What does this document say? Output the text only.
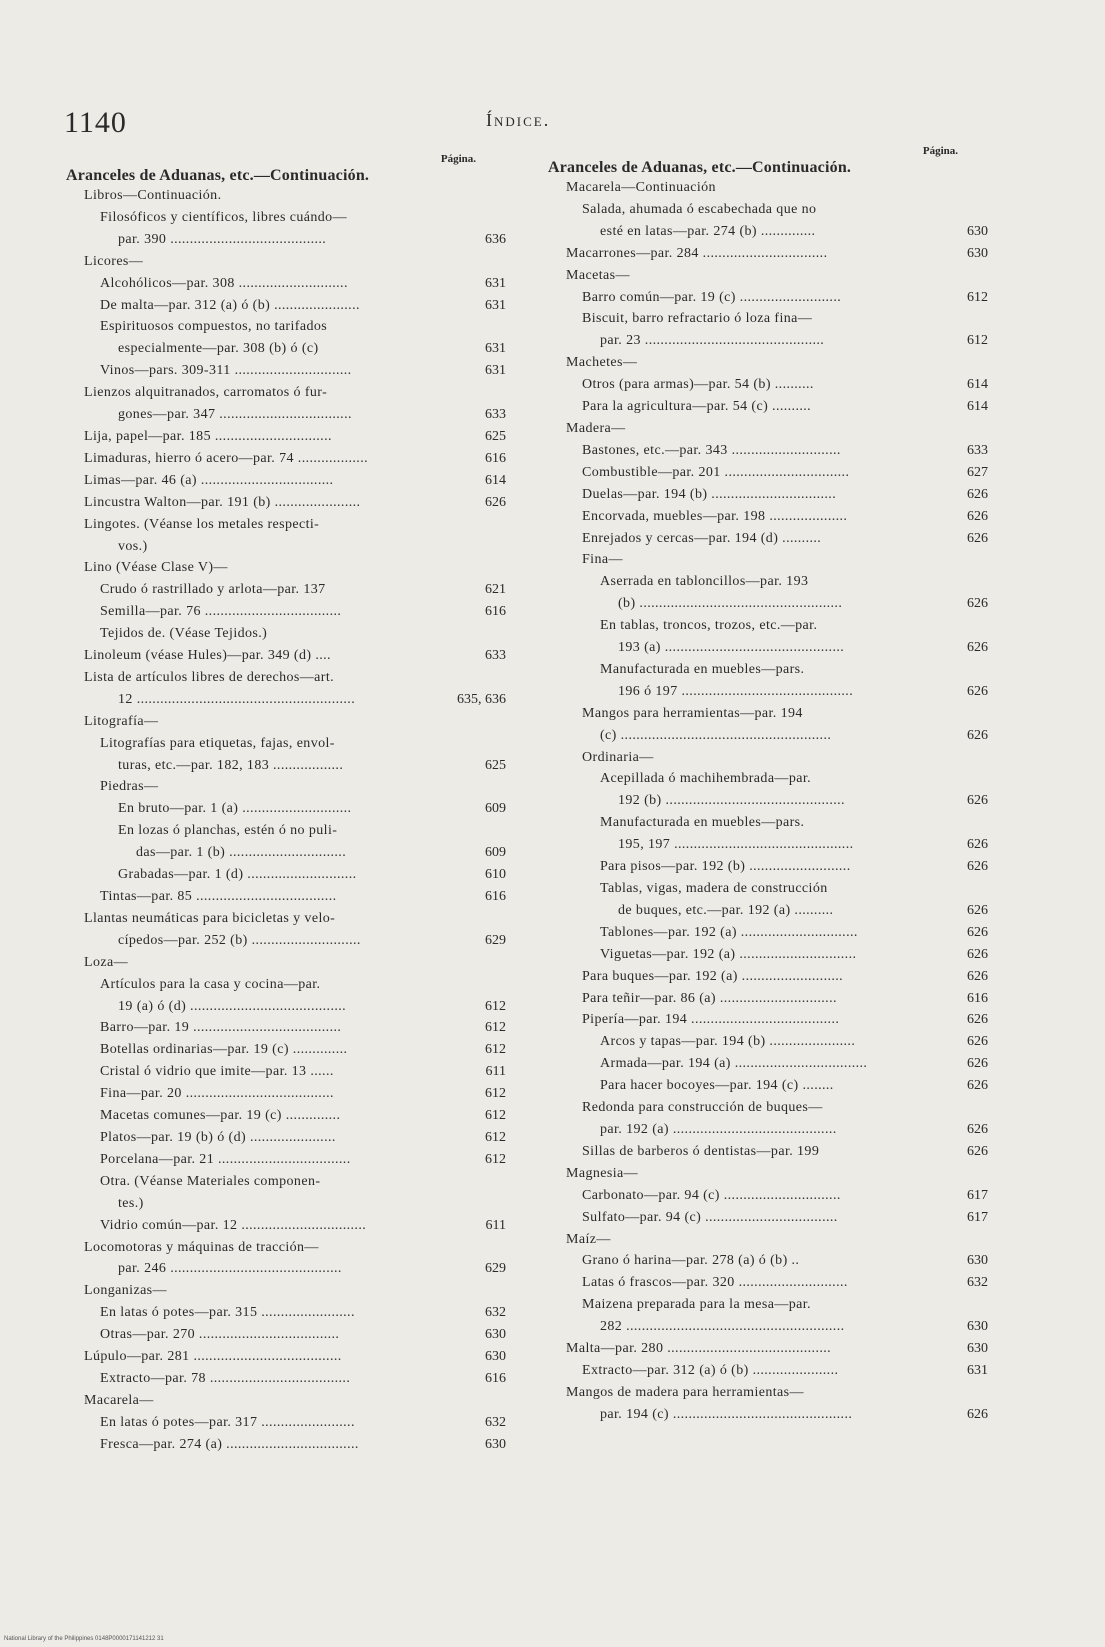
1140	Índice.
Página.
Aranceles de Aduanas, etc.—Continuación.
Libros—Continuación.
Filosóficos y científicos, libres cuándo—
par. 390 ........................................	636
Licores—
Alcohólicos—par. 308 ............................	631
De malta—par. 312 (a) ó (b) ......................	631
Espirituosos compuestos, no tarifados
especialmente—par. 308 (b) ó (c)	631
Vinos—pars. 309-311 ..............................	631
Lienzos alquitranados, carromatos ó fur-
gones—par. 347 ..................................	633
Lija, papel—par. 185 ..............................	625
Limaduras, hierro ó acero—par. 74 ..................	616
Limas—par. 46 (a) ..................................	614
Lincustra Walton—par. 191 (b) ......................	626
Lingotes. (Véanse los metales respecti-
vos.)
Lino (Véase Clase V)—
Crudo ó rastrillado y arlota—par. 137	621
Semilla—par. 76 ...................................	616
Tejidos de. (Véase Tejidos.)
Linoleum (véase Hules)—par. 349 (d) ....	633
Lista de artículos libres de derechos—art.
12 ........................................................	635, 636
Litografía—
Litografías para etiquetas, fajas, envol-
turas, etc.—par. 182, 183 ..................	625
Piedras—
En bruto—par. 1 (a) ............................	609
En lozas ó planchas, estén ó no puli-
das—par. 1 (b) ..............................	609
Grabadas—par. 1 (d) ............................	610
Tintas—par. 85 ....................................	616
Llantas neumáticas para bicicletas y velo-
cípedos—par. 252 (b) ............................	629
Loza—
Artículos para la casa y cocina—par.
19 (a) ó (d) ........................................	612
Barro—par. 19 ......................................	612
Botellas ordinarias—par. 19 (c) ..............	612
Cristal ó vidrio que imite—par. 13 ......	611
Fina—par. 20 ......................................	612
Macetas comunes—par. 19 (c) ..............	612
Platos—par. 19 (b) ó (d) ......................	612
Porcelana—par. 21 ..................................	612
Otra. (Véanse Materiales componen-
tes.)
Vidrio común—par. 12 ................................	611
Locomotoras y máquinas de tracción—
par. 246 ............................................	629
Longanizas—
En latas ó potes—par. 315 ........................	632
Otras—par. 270 ....................................	630
Lúpulo—par. 281 ......................................	630
Extracto—par. 78 ....................................	616
Macarela—
En latas ó potes—par. 317 ........................	632
Fresca—par. 274 (a) ..................................	630
Página.
Aranceles de Aduanas, etc.—Continuación.
Macarela—Continuación
Salada, ahumada ó escabechada que no
esté en latas—par. 274 (b) ..............	630
Macarrones—par. 284 ................................	630
Macetas—
Barro común—par. 19 (c) ..........................	612
Biscuit, barro refractario ó loza fina—
par. 23 ..............................................	612
Machetes—
Otros (para armas)—par. 54 (b) ..........	614
Para la agricultura—par. 54 (c) ..........	614
Madera—
Bastones, etc.—par. 343 ............................	633
Combustible—par. 201 ................................	627
Duelas—par. 194 (b) ................................	626
Encorvada, muebles—par. 198 ....................	626
Enrejados y cercas—par. 194 (d) ..........	626
Fina—
Aserrada en tabloncillos—par. 193
(b) ....................................................	626
En tablas, troncos, trozos, etc.—par.
193 (a) ..............................................	626
Manufacturada en muebles—pars.
196 ó 197 ............................................	626
Mangos para herramientas—par. 194
(c) ......................................................	626
Ordinaria—
Acepillada ó machihembrada—par.
192 (b) ..............................................	626
Manufacturada en muebles—pars.
195, 197 ..............................................	626
Para pisos—par. 192 (b) ..........................	626
Tablas, vigas, madera de construcción
de buques, etc.—par. 192 (a) ..........	626
Tablones—par. 192 (a) ..............................	626
Viguetas—par. 192 (a) ..............................	626
Para buques—par. 192 (a) ..........................	626
Para teñir—par. 86 (a) ..............................	616
Pipería—par. 194 ......................................	626
Arcos y tapas—par. 194 (b) ......................	626
Armada—par. 194 (a) ..................................	626
Para hacer bocoyes—par. 194 (c) ........	626
Redonda para construcción de buques—
par. 192 (a) ..........................................	626
Sillas de barberos ó dentistas—par. 199	626
Magnesia—
Carbonato—par. 94 (c) ..............................	617
Sulfato—par. 94 (c) ..................................	617
Maíz—
Grano ó harina—par. 278 (a) ó (b) ..	630
Latas ó frascos—par. 320 ............................	632
Maizena preparada para la mesa—par.
282 ........................................................	630
Malta—par. 280 ..........................................	630
Extracto—par. 312 (a) ó (b) ......................	631
Mangos de madera para herramientas—
par. 194 (c) ..............................................	626
National Library of the Philippines 0148P0000171141212 31
